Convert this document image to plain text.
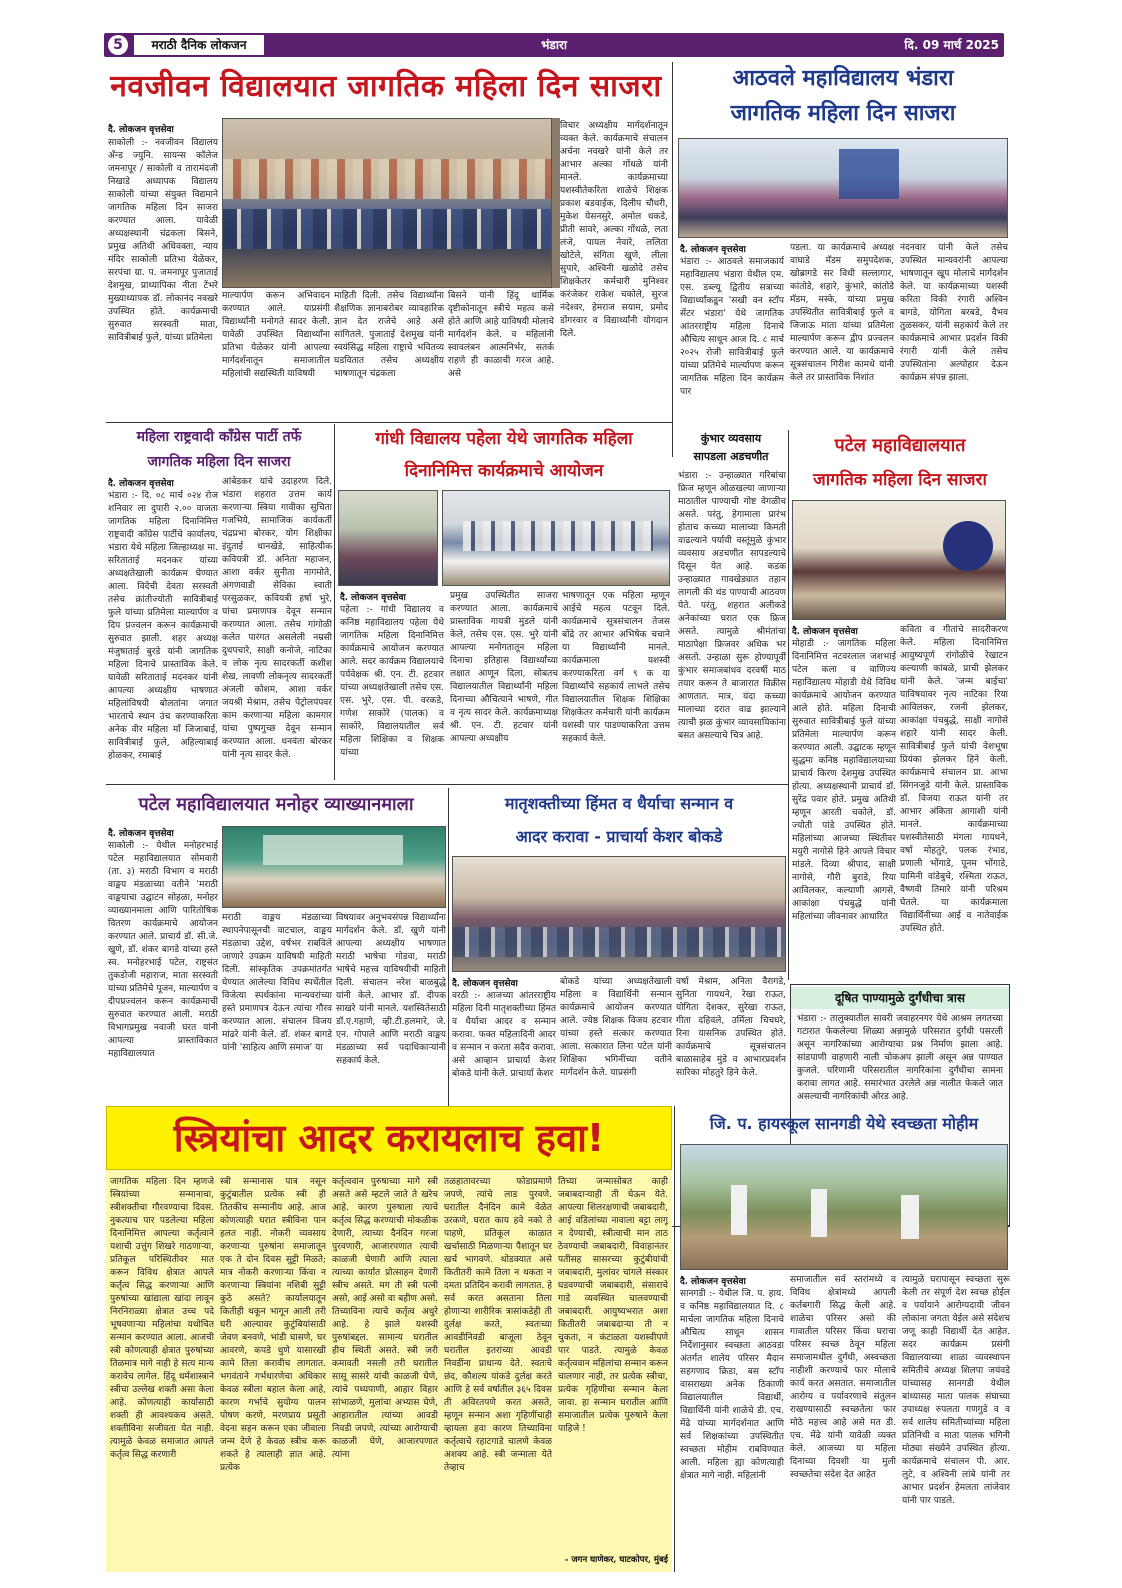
5	मराठी दैनिक लोकजन	भंडारा	दि. 09 मार्च 2025
नवजीवन विद्यालयात जागतिक महिला दिन साजरा
दै. लोकजन वृत्तसेवा
साकोली :- नवजीवन विद्यालय अँन्ड ज्युनि. सायन्स कॉलेज जमनापूर / साकोली व तारामंदजी निखाडे अध्यापक विद्यालय साकोली यांच्या संयुक्त विद्यमाने जागतिक महिला दिन साजरा करण्यात आला. यावेळी अध्यक्षस्थानी चंद्रकला बिसने, प्रमुख अतिथी अधिवक्ता, न्याय मंदिर साकोली प्रतिभा येळेकर, सरपंचा ग्रा. प. जमनापूर पुजाताई देशमुख, प्राध्यापिका नीता टेंभरे मुख्याध्यापक डॉ. लोकानंद नवखरे उपस्थित होते. कार्यक्रमाची सुरुवात सरस्वती माता, सावित्रीबाई फुले, यांच्या प्रतिमेला
माल्यार्पण करून अभिवादन करण्यात आले. याप्रसंगी विद्यार्थ्यांनी मनोगते सादर केली. यावेळी उपस्थित विद्यार्थ्यांना प्रतिभा येळेकर यांनी आपल्या मार्गदर्शनातून समाजातील महिलांची सद्यस्थिती याविषयी
माहिती दिली. तसेच विद्यार्थ्यांना शैक्षणिक ज्ञानाबरोबर व्यावहारिक ज्ञान देत राजेचे आहे असे सांगितले. पुजाताई देशमुख यांनी स्वयंसिद्ध महिला राष्ट्राचे भवितव्य घडवितात तसेच अध्यक्षीय भाषणातून चंद्रकला
बिसने यांनी हिंदू धार्मिक दृष्टीकोनातून स्त्रीचे महत्व कसे होते आणि आहे याविषयी मोलाचे मार्गदर्शन केले. व महिलांनी स्वावलंबन आत्मनिर्भर, सतर्क राहणे ही काळाची गरज आहे. असे
विचार अध्यक्षीय मार्गदर्शनातून व्यक्त केले. कार्यक्रमाचे संचालन अर्चना नवखरे यांनी केले तर आभार अल्का गोंधळे यांनी मानले. कार्यक्रमाच्या यशस्वीतेकरिता शाळेचे शिक्षक प्रकाश बडवाईक, दिलीप चौधरी, मुकेश येसनसुरे, अमोल धकडे, प्रीती सावरे, अल्का गोंधळे, लता लंजे, पायल नेवारे, ललिता खोटेले, संगिता खुणे, लीला सुपारे, अश्विनी खळोदे तसेच शिक्षकेतर कर्मचारी मुनिश्वर करंजेकर राकेश चकोले, सुरज नंदेश्वर, हेमराज सयाम, प्रमोद डोंगरवार व विद्यार्थ्यांनी योगदान दिले.
आठवले महाविद्यालय भंडारा
जागतिक महिला दिन साजरा
दै. लोकजन वृत्तसेवा
भंडारा :- आठवले समाजकार्य महाविद्यालय भंडारा येथील एम. एस. डब्ल्यू द्वितीय सत्राच्या विद्यार्थ्यांकडून 'सखी वन स्टॉप सेंटर भंडारा' येथे जागतिक आंतरराष्ट्रीय महिला दिनाचे औचित्य साधून आज दि. ८ मार्च २०२५ रोजी सावित्रीबाई फुले यांच्या प्रतिमेचे मार्ल्यापण करून जागतिक महिला दिन कार्यक्रम पार
पडला. या कार्यक्रमाचे अध्यक्ष वाघाडे मॅडम समुपदेशक, खोब्रागडे सर विधी सल्लागार, कांतोडे, शहारे, कुंभारे, कांतोडे मॅडम, मस्के, यांच्या प्रमुख उपस्थितीत सावित्रीबाई फुले व जिजाऊ माता यांच्या प्रतिमेला माल्यार्पण करून द्वीप प्रज्वलन करण्यात आले. या कार्यक्रमाचे सूत्रसंचालन गिरीश कामथे यांनी केले तर प्रास्ताविक निशांत
नंदनवार यांनी केले तसेच उपस्थित मान्यवरांनी आपल्या भाषणातून खूप मोलाचे मार्गदर्शन केले. या कार्यक्रमाच्या यशस्वी करिता विकी रंगारी अश्विन बागडे, योगिता बरबडे, वैभव तुळसकर, यांनी सहकार्य केले तर कार्यक्रमाचे आभार प्रदर्शन विकी रंगारी यांनी केले तसेच उपस्थितांना अल्पोहार देऊन कार्यक्रम संपन्न झाला.
महिला राष्ट्रवादी कॉंग्रेस पार्टी तर्फे
जागतिक महिला दिन साजरा
दै. लोकजन वृत्तसेवा
भंडारा :- दि. ०८ मार्च ०२४ रोज शनिवार ला दुपारी २.०० वाजता जागतिक महिला दिनानिमित्त राष्ट्रवादी कॉंग्रेस पार्टीचे कार्यालय, भंडारा येथे महिला जिल्हाध्यक्ष मा. सरिताताई मदनकर यांच्या अध्यक्षतेखाली कार्यक्रम घेण्यात आला. विदेची देवता सरस्वती तसेच क्रांतीज्योती सावित्रीबाई फुले यांच्या प्रतिमेला माल्यार्पण व दिप प्रज्वलन करून कार्यक्रमाची सुरुवात झाली. शहर अध्यक्ष मंजुषाताई बुरडे यांनी जागतिक महिला दिनाचे प्रास्ताविक केले. यावेळी सरिताताई मदनकर यांनी आपल्या अध्यक्षीय भाषणात महिलांविषयी बोलतांना जगात भारताचे स्थान उंच करण्याकरिता अनेक वीर महिला माँ जिजाबाई, सावित्रीबाई फुले, अहिल्याबाई होळकर, रमाबाई
आंबेडकर यांचे उदाहरण दिले. भंडारा शहरात उत्तम कार्य करणाऱ्या स्त्रिया गावीका सुचिता गजभिये, सामाजिक कार्यकर्ती चंद्रप्रभा बोरकर, योग शिक्षीका इंदुताई थानखेडे, साहित्यीक कवियत्री डॉ. अनिता महाजन, आशा वर्कर सुनीता नागमोते, अंगणवाडी सेविका स्वाती परसुळकर, कवियत्री हर्षा भुरे, यांचा प्रमाणपत्र देवून सन्मान करण्यात आला. तसेच गांगोळी कलेत पारंगत असलेली नम्रसी दुधपचारे, साक्षी कनोजे, नाटिका व लोक नृत्य सादरकर्ती कशीश शेख, लावणी लोकनृत्य सादरकर्ती अंजली कोशम, आशा वर्कर जयश्री मेश्राम, तसेच पेट्रोलपंपवर काम करणाऱ्या महिला कामगार यांचा पुष्पगुच्छ देवून सन्मान करण्यात आला. धनवंता बोरकर यांनी नृत्य सादर केले.
गांधी विद्यालय पहेला येथे जागतिक महिला
दिनानिमित्त कार्यक्रमाचे आयोजन
दै. लोकजन वृत्तसेवा
पहेला :- गांधी विद्यालय व कनिष्ठ महाविद्यालय पहेला येथे जागतिक महिला दिनानिमित्त कार्यक्रमाचे आयोजन करण्यात आले. सदर कार्यक्रम विद्यालयाचे पर्यवेक्षक श्री. एन. टी. हटवार यांच्या अध्यक्षतेखाली तसेच एस. एस. भुरे, एस. पी. वरकडे, गणेश साकोरे (पालक) व साकोरे, विद्यालयातील सर्व महिला शिक्षिका व शिक्षक यांच्या
प्रमुख उपस्थितीत साजरा करण्यात आला. कार्यक्रमाचे प्रास्ताविक गायत्री मुंडले यांनी केले, तसेच एस. एस. भुरे यांनी आपल्या मनोगतातून महिला दिनाचा इतिहास विद्यार्थ्यांच्या लक्षात आणून दिला, सोबतच विद्यालयातील विद्यार्थ्यांनी महिला दिनाच्या औचित्याने भाषणे, गीत व नृत्य सादर केले. कार्यक्रमाध्यक्ष श्री. एन. टी. हटवार यांनी आपल्या अध्यक्षीय
भाषणातून एक महिला म्हणून आईचे महत्व पटवून दिले. कार्यक्रमाचे सूत्रसंचालन तेजस बोंद्रे तर आभार अभिषेक चचाने या विद्यार्थ्यांनी मानले. कार्यक्रमाला यशस्वी करण्याकरिता वर्ग ९ क या विद्यार्थ्यांचे सहकार्य लाभले तसेच विद्यालयातील शिक्षक शिक्षिका शिक्षकेतर कर्मचारी यांनी कार्यक्रम यशस्वी पार पाडण्याकरिता उत्तम सहकार्य केले.
कुंभार व्यवसाय
सापडला अडचणीत
भंडारा :- उन्हाळ्यात गरिबांचा फ्रिज म्हणून ओळखल्या जाणाऱ्या माठातील पाण्याची गोष्ट वेगळीच असते. परंतु, हेगामाला प्रारंभ होताच कच्च्या मालाच्या किमती वाढल्याने पर्यायी वस्तूंमुळे कुंभार व्यवसाय अडचणीत सापडल्याचे दिसून येत आहे. कडक उन्हाळ्यात गावखेड्यात तहान लागली की थंड पाण्याची आठवण येते. परंतु, शहरात अलीकडे अनेकांच्या घरात एक फ्रिज असते. त्यामुळे श्रीमंतांचा माठापेक्षा फ्रिजवर अधिक भर असतो. उन्हाळा सुरू होण्यापूर्वी कुंभार समाजबांधव दरवर्षी माठ तयार करून ते बाजारात विक्रीस आणतात. मात्र, यंदा कच्च्या मालाच्या दरात वाढ झाल्याने त्याची झळ कुंभार व्यावसायिकांना बसत असल्याचे चित्र आहे.
पटेल महाविद्यालयात
जागतिक महिला दिन साजरा
दै. लोकजन वृत्तसेवा
मोहाडी :- जागतिक महिला दिनानिमित्त नटवरलाल जशभाई पटेल कला व वाणिज्य महाविद्यालय मोहाडी येथे विविध कार्यक्रमाचे आयोजन करण्यात आले होते. महिला दिनाची सुरुवात सावित्रीबाई फुले यांच्या प्रतिमेला माल्यार्पण करून करण्यात आली. उद्घाटक म्हणून सुद्धमा कनिष्ठ महाविद्यालयाच्या प्राचार्य किरण देशमुख उपस्थित होत्या. अध्यक्षस्थानी प्राचार्य डॉ. सुरेंद्र पवार होते. प्रमुख अतिथी म्हणून आरती चकोले, डॉ. ज्योती पांडे उपस्थित होते. महिलांच्या आजच्या स्थितीवर मयुरी नागोसे हिने आपले विचार मांडले. दिव्या श्रीपाद, साक्षी नागोसे, गौरी बुराडे, रिया आविलकर, कल्याणी आगसे, आकांक्षा पंचबुद्धे यांनी महिलांच्या जीवनावर आधारित
कविता व गीतांचे सादरीकरण केले. महिला दिनानिमित्त आयुष्यपूर्ण रांगोळीचे रेखाटन कल्याणी कांबळे, प्राची झेलकर यांनी केले. 'जन्म बाईचा' याविषयावर नृत्य नाटिका रिया आविलकर, रजनी झेलकर, आकांक्षा पंचबुद्धे, साक्षी नागोसे शहारे यांनी सादर केली. सावित्रीबाई फुले यांची वेशभूषा प्रियंका झेलकर हिने केली. कार्यक्रमाचे संचालन प्रा. आभा सिंगनजुडे यांनी केले. प्रास्ताविक डॉ. विजया राऊत यांनी तर आभार अंकिता आगाशी यांनी मानले. कार्यक्रमाच्या यशस्वीतेसाठी मंगला गायधने, वर्षा मोहतुरे, पलक रंभाड, प्रणाली भोंगाडे, पूनम भोंगाडे, यामिनी वांडेबुचे, रश्मिता राऊत, वैष्णवी तिमारे यांनी परिश्रम घेतले. या कार्यक्रमाला विद्यार्थिनीच्या आई व नातेवाईक उपस्थित होते.
पटेल महाविद्यालयात मनोहर व्याख्यानमाला
दै. लोकजन वृत्तसेवा
साकोली :- येथील मनोहरभाई पटेल महाविद्यालयात सोमवारी (ता. ३) मराठी विभाग व मराठी वाङ्मय मंडळाच्या वतीने 'मराठी वाङ्मयाचा उद्घाटन सोहळा, मनोहर व्याख्यानमाला आणि पारितोषिक वितरण कार्यक्रमाचे आयोजन करण्यात आले. प्राचार्य डॉ. सी.जे. खुणे, डॉ. शंकर बागडे यांच्या हस्ते स्व. मनोहरभाई पटेल, राष्ट्रसंत तुकडोजी महाराज, माता सरस्वती यांच्या प्रतिमेचे पूजन, माल्यार्पण व दीपप्रज्वलन करून कार्यक्रमाची सुरुवात करण्यात आली. मराठी विभागप्रमुख नवाजी घरत यांनी आपल्या प्रास्ताविकात महाविद्यालयात
मराठी वाङ्मय मंडळाच्या स्थापनेपासूनची वाटचाल, वाङ्मय मंडळाचा उद्देश, वर्षभर राबविले जाणारे उपक्रम याविषयी माहिती दिली. सांस्कृतिक उपक्रमांतर्गत घेण्यात आलेल्या विविध स्पर्धेतील विजेत्या स्पर्धकांना मान्यवरांच्या हस्ते प्रमाणपत्र देऊन त्यांचा गौरव करण्यात आला. संचालन विजय मांढरे यांनी केले. डॉ. शंकर बागडे यांनी 'साहित्य आणि समाज' या
विषयावर अनुभवसंपन्न विद्यार्थ्यांना मार्गदर्शन केले. डॉ. खुणे यांनी आपल्या अध्यक्षीय भाषणात मराठी भाषेचा गोडवा, मराठी भाषेचे महत्त्व याविषयीची माहिती दिली. संचालन नरेश बाळबुद्धे यांनी केले. आभार डॉ. दीपक साखरे यांनी मानले. यशस्वितेसाठी डॉ.ए.गहाणे, व्ही.टी.हलमारे, जे. एन. गोपाले आणि मराठी वाङ्मय मंडळाच्या सर्व पदाधिकाऱ्यांनी सहकार्य केले.
मातृशक्तीच्या हिंमत व धैर्याचा सन्मान व
आदर करावा - प्राचार्या केशर बोकडे
दै. लोकजन वृत्तसेवा
वरठी :- आजच्या आंतरराष्ट्रीय महिला दिनी मातृशक्तीच्या हिंमत व धैर्याचा आदर व सन्मान करावा. फक्त महिलादिनी आदर व सन्मान न करता सदैव करावा. असे आव्हान प्राचार्या केशर बोकडे यांनी केले. प्राचार्या केशर
बोकडे यांच्या अध्यक्षतेखाली महिला व विद्यार्थिनी सन्मान कार्यक्रमाचे आयोजन करण्यात आले. ज्येष्ठ शिक्षक विजय हटवार यांच्या हस्ते सत्कार करण्यात आला. सत्कारात लिना पटेल यांनी शिक्षिका भगिनींच्या वतीने मार्गदर्शन केले. याप्रसंगी
वर्षा मेश्राम, अनिता वैरागडे, सुनिता गायधने, रेखा राऊत, योगिता देशकर, सुरेखा राऊत, गीता दहिवले, उर्मिला चिचघरे, रिना यासनिक उपस्थित होते. कार्यक्रमाचे सूत्रसंचालन बाळासाहेब मुंडे व आभारप्रदर्शन सारिका मोहतुरे हिने केले.
दूषित पाण्यामुळे दुर्गंधीचा त्रास
भंडारा :- तालुक्यातील सावरी जवाहरनगर येथे आश्रम लगतच्या गटारात फेकलेल्या शिळ्या अन्नामुळे परिसरात दुर्गंधी पसरली असून नागरिकांच्या आरोग्याचा प्रश्न निर्माण झाला आहे. सांडपाणी वाहणारी नाली चोकअप झाली असून अन्न पाण्यात कुजले. परिणामी परिसरातील नागरिकांना दुर्गंधीचा सामना करावा लागत आहे. समारंभात उरलेले अन्न नालीत फेकले जात असल्याची नागरिकांची ओरड आहे.
स्त्रियांचा आदर करायलाच हवा!
जागतिक महिला दिन म्हणजे स्त्रियांच्या सन्मानाचा, स्त्रीशक्तीचा गौरवण्याचा दिवस. नुकत्याच पार पडलेल्या महिला दिनानिमित्त आपल्या कर्तृत्वाने यशाची उत्तुंग शिखरे गाठणाऱ्या, प्रतिकूल परिस्थितीवर मात करून विविध क्षेत्रात आपले कर्तृत्व सिद्ध करणाऱ्या आणि पुरुषांच्या खांद्याला खांदा लावून निरनिराळ्या क्षेत्रात उच्च पदे भूषवणाऱ्या महिलांचा यथोचित सन्मान करण्यात आला. आजची स्त्री कोणत्याही क्षेत्रात पुरुषांच्या तिळमात्र मागे नाही हे सत्य मान्य करावेच लागेल. हिंदू धर्मशास्त्राने स्त्रीचा उल्लेख शक्ती असा केला आहे. कोणत्याही कार्यासाठी शक्ती ही आवश्यकच असते. शक्तीविना सजीवता येत नाही. त्यामुळे केवळ समाजात आपले कर्तृत्व सिद्ध करणारी
स्त्री सन्मानास पात्र नसून कुटुंबातील प्रत्येक स्त्री ही तितकीच सन्मानीय आहे. आज कोणत्याही घरात स्त्रीविना पान हलत नाही. नोकरी व्यवसाय करणाऱ्या पुरुषांना समाजातून एक ते दोन दिवस सुट्टी मिळते; मात्र नोकरी करणाऱ्या किंवा न करणाऱ्या स्त्रियांना नशिबी सुट्टी कुठे असते? कार्यालयातून कितीही थकून भागून आली तरी घरी आल्यावर कुटुंबियांसाठी जेवण बनवणे, भांडी घासणे, घर आवरणे, कपडे धुणे यासारखी कामे तिला करावीच लागतात. भगवंताने गर्भधारणेचा अधिकार केवळ स्त्रीला बहाल केला आहे, कारण गर्भाचे सुयोग्य पालन पोषण करणे, मरणप्राय प्रसूती वेदना सहन करून एका जीवाला जन्म देणे हे केवळ स्त्रीच करू शकते हे त्यालाही ज्ञात आहे. प्रत्येक
कर्तृत्ववान पुरुषाच्या मागे स्त्री असते असे म्हटले जाते ते खरेच आहे. कारण पुरुषाला त्याचे कर्तृत्व सिद्ध करण्याची मोकळीक देणारी, त्याच्या दैनंदिन गरजा पुरवणारी, आजारपणात त्याची काळजी घेणारी आणि त्याला त्याच्या कार्यात प्रोत्साहन देणारी स्त्रीच असते. मग ती स्त्री पत्नी असो, आई असो वा बहीण असो. तिच्याविना त्याचे कर्तृत्व अधुरे आहे. हे झाले यशस्वी पुरुषांबद्दल. सामान्य घरातील हीच स्थिती असते. स्त्री जरी कमावती नसली तरी घरातील सासू सासरे यांची काळजी घेणे, त्यांचे पथ्यपाणी, आहार विहार सांभाळणे, मुलांचा अभ्यास घेणे, आहारातील त्यांच्या आवडी निवडी जपणे, त्यांच्या आरोग्याची काळजी घेणे, आजारपणात त्यांना
तळहातावरच्या फोडाप्रमाणे जपणे, त्यांचे लाड पुरवणे. घरातील दैनंदिन कामे वेळेत उरकणे, घरात काय हवे नको ते पाहणे, प्रतिकूल काळात खर्चासाठी मिळणाऱ्या पैशातून घर खर्च भागवणे. थोडक्यात असे कितीतरी कामे तिला न थकता न दमता प्रतिदिन करावी लागतात. हे सर्व करत असताना तिला होणाऱ्या शारीरिक त्रासांकडेही ती दुर्लक्ष करते, स्वतःच्या आवडीनिवडी बाजूला ठेवून घरातील इतरांच्या आवडी निवडींना प्राधान्य देते. स्वतःचे छंद, कौशल्य यांकडे दुर्लक्ष करते आणि हे सर्व वर्षातील ३६५ दिवस ती अविरतपणे करत असते, म्हणून सन्मान अशा गृहिणींचाही व्हायला हवा कारण तिच्याविना कर्तृत्वाचे रहाटगाडे चालणे केवळ अशक्य आहे. स्त्री जन्माला येते तेव्हाच
तिच्या जन्मासोबत काही जबाबदाऱ्याही ती घेऊन येते. आपल्या शिलरक्षणाची जबाबदारी, आई वडिलांच्या नावाला बट्टा लागू न देण्याची, स्त्रीत्वाची मान ताठ ठेवण्याची जबाबदारी, विवाहानंतर पतीसह सासरच्या कुटुंबीयांची जबाबदारी, मुलांवर चांगले संस्कार घडवण्याची जबाबदारी, संसाराचे गाडे व्यवस्थित चालवण्याची जबाबदारी. आयुष्यभरात अशा कितीतरी जबाबदाऱ्या ती न चुकता, न कंटाळता यशस्वीपणे पार पाडते. त्यामुळे केवळ कर्तृत्ववान महिलांचा सन्मान करून चालणार नाही, तर प्रत्येक स्त्रीचा, प्रत्येक गृहिणीचा सन्मान केला जावा. हा सन्मान घरातील आणि समाजातील प्रत्येक पुरुषाने केला पाहिजे !
- जगन घाणेकर, घाटकोपर, मुंबई
जि. प. हायस्कूल सानगडी येथे स्वच्छता मोहीम
दै. लोकजन वृत्तसेवा
सानगडी :- येथील जि. प. हाय. व कनिष्ठ महाविद्यालयात दि. ८ मार्चला जागतिक महिला दिनाचे औचित्य साधून शासन निर्देशानुसार स्वच्छता आठवडा अंतर्गत शालेय परिसर मैदान सहगणाद क्रिडा, बस स्टॉप वासराख्या अनेक ठिकाणी विद्यालयातील विद्यार्थी, विद्यार्थिनी यांनी शाळेचे डी. एच. मेंढे यांच्या मार्गदर्शनात आणि सर्व शिक्षकांच्या उपस्थितीत स्वच्छता मोहीम राबविण्यात आली. महिला ह्या कोणत्याही क्षेत्रात मागे नाही. महिलांनी
समाजातील सर्व स्तरांमध्ये व विविध क्षेत्रांमध्ये आपली कर्तबगारी सिद्ध केली आहे. शाळेचा परिसर असो की गावातील परिसर किंवा घराचा परिसर स्वच्छ ठेवून महिला समाजामधील दुर्गंधी, अस्वच्छता नाहीशी करण्याचे फार मोलाचे कार्य करत असतात. समाजातील आरोग्य व पर्यावरणाचे संतुलन राखण्यासाठी स्वच्छतेला फार मोठे महत्त्व आहे असे मत डी. एच. मेंढे यांनी यावेळी व्यक्त केले. आजच्या या महिला दिनाच्या दिवशी या मुली स्वच्छतेचा संदेश देत आहेत
त्यामुळे घरापासून स्वच्छता सुरू केली तर संपूर्ण देश स्वच्छ होईल व पर्यायाने आरोग्यदायी जीवन लोकांना जगता येईल असे संदेशच जणू काही विद्यार्थी देत आहेत. सदर कार्यक्रम प्रसंगी विद्यालयाच्या शाळा व्यवस्थापन समितीचे अध्यक्ष शिलपा जयंवडे यांच्यासह सानगडी येथील बांध्यासह माता पालक संघाच्या उपाध्यक्ष रुपलता गणगुडे व व सर्व शालेय समितीच्यांच्या महिला प्रतिनिधी व माता पालक भगिनी मोठ्या संख्येने उपस्थित होत्या. कार्यक्रमाचे संचालन पी. आर. लुटे, व अश्विनी लांबे यांनी तर आभार प्रदर्शन हेमलता लांजेवार यांनी पार पाडले.
